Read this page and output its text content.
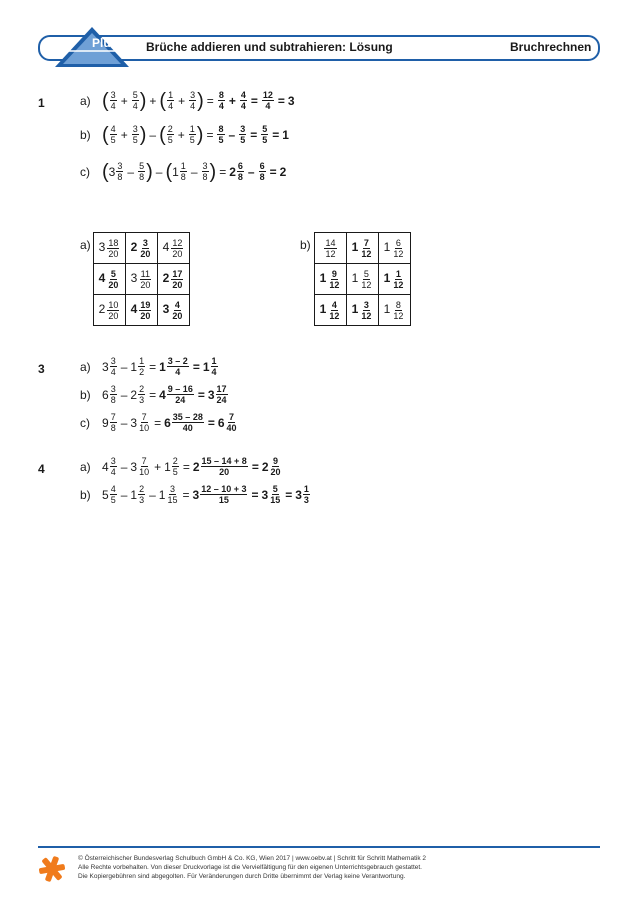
Plus Brüche addieren und subtrahieren: Lösung	Bruchrechnen
1	a) ( $\frac{3}{4} + \frac{5}{4}$ ) + ( $\frac{1}{4} + \frac{3}{4}$ ) = $\frac{8}{4} + \frac{4}{4} = \frac{12}{4} = 3$
b) ( $\frac{4}{5} + \frac{3}{5}$ ) – ( $\frac{2}{5} + \frac{1}{5}$ ) = $\frac{8}{5} - \frac{3}{5} = \frac{5}{5} = 1$
c) ( $3 \frac{3}{8} - \frac{5}{8}$ ) – ( $1 \frac{1}{8} - \frac{3}{8}$ ) = $2 \frac{6}{8} - \frac{6}{8} = 2$
a) $3 \frac{18}{20}$	$2 \frac{3}{20}$	$4 \frac{12}{20}$

$4 \frac{5}{20}$	$3 \frac{11}{20}$	$2 \frac{17}{20}$

$2 \frac{10}{20}$	$4 \frac{19}{20}$	$3 \frac{4}{20}$
$b) \frac{14}{12}$	$1 \frac{7}{12}$	$1 \frac{6}{12}$

$1 \frac{9}{12}$	$1 \frac{5}{12}$	$1 \frac{1}{12}$

$1 \frac{4}{12}$	$1 \frac{3}{12}$	$1 \frac{8}{12}$
3	a) $3 \frac{3}{4} - 1 \frac{1}{2} = 1 \frac{3 - 2}{4} = 1 \frac{1}{4}$
b) $6 \frac{3}{8} - 2 \frac{2}{3} = 4 \frac{9 - 16}{24} = 3 \frac{17}{24}$
c)	$9 \frac{7}{8} - 3 \frac{7}{10} = 6 \frac{35 - 28}{40} = 6 \frac{7}{40}$
4	a) $4 \frac{3}{4} - 3 \frac{7}{10} + 1 \frac{2}{5} = 2 \frac{15 - 14 + 8}{20} = 2 \frac{9}{20}$
b) $5 \frac{4}{5} - 1 \frac{2}{3} - 1 \frac{3}{15} = 3 \frac{12 - 10 + 3}{15} = 3 \frac{5}{15} = 3 \frac{1}{3}$
© Österreichischer Bundesverlag Schulbuch GmbH & Co. KG, Wien 2017 | www.oebv.at | Schritt für Schritt Mathematik 2
Alle Rechte vorbehalten. Von dieser Druckvorlage ist die Vervielfältigung für den eigenen Unterrichtsgebrauch gestattet.
Die Kopiergebühren sind abgegolten. Für Veränderungen durch Dritte übernimmt der Verlag keine Verantwortung.
